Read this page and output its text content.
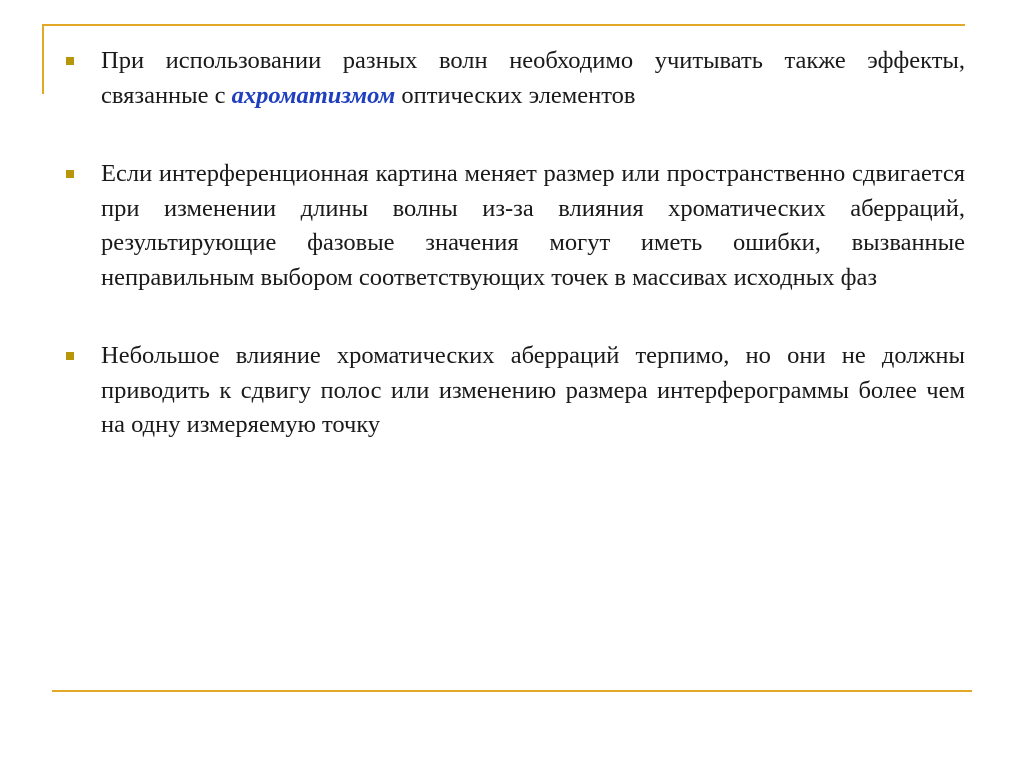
При использовании разных волн необходимо учитывать также эффекты, связанные с ахроматизмом оптических элементов
Если интерференционная картина меняет размер или пространственно сдвигается при изменении длины волны из-за влияния хроматических аберраций, результирующие фазовые значения могут иметь ошибки, вызванные неправильным выбором соответствующих точек в массивах исходных фаз
Небольшое влияние хроматических аберраций терпимо, но они не должны приводить к сдвигу полос или изменению размера интерферограммы более чем на одну измеряемую точку
